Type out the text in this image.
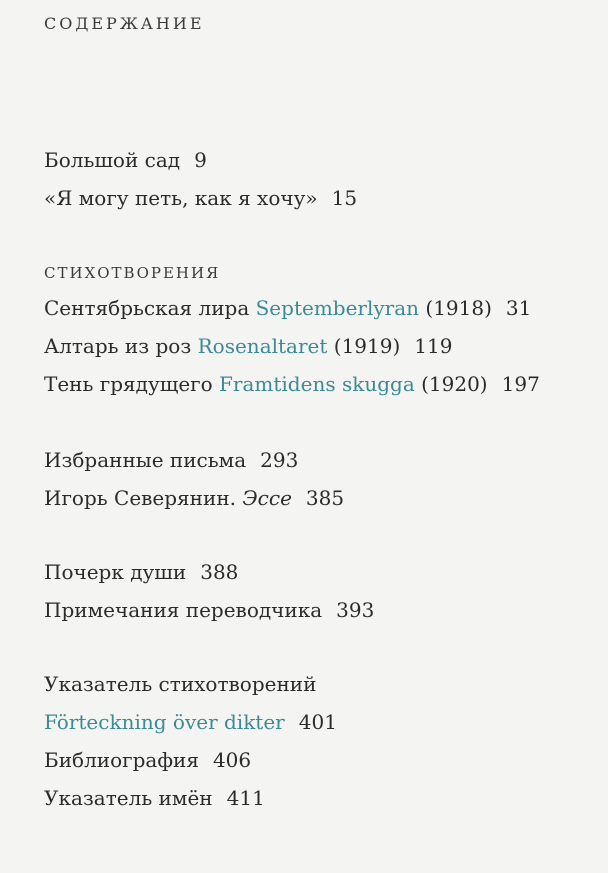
СОДЕРЖАНИЕ
Большой сад 9
«Я могу петь, как я хочу» 15
СТИХОТВОРЕНИЯ
Сентябрьская лира Septemberlyran (1918) 31
Алтарь из роз Rosenaltaret (1919) 119
Тень грядущего Framtidens skugga (1920) 197
Избранные письма 293
Игорь Северянин. Эссе 385
Почерк души 388
Примечания переводчика 393
Указатель стихотворений
Förteckning över dikter 401
Библиография 406
Указатель имён 411
